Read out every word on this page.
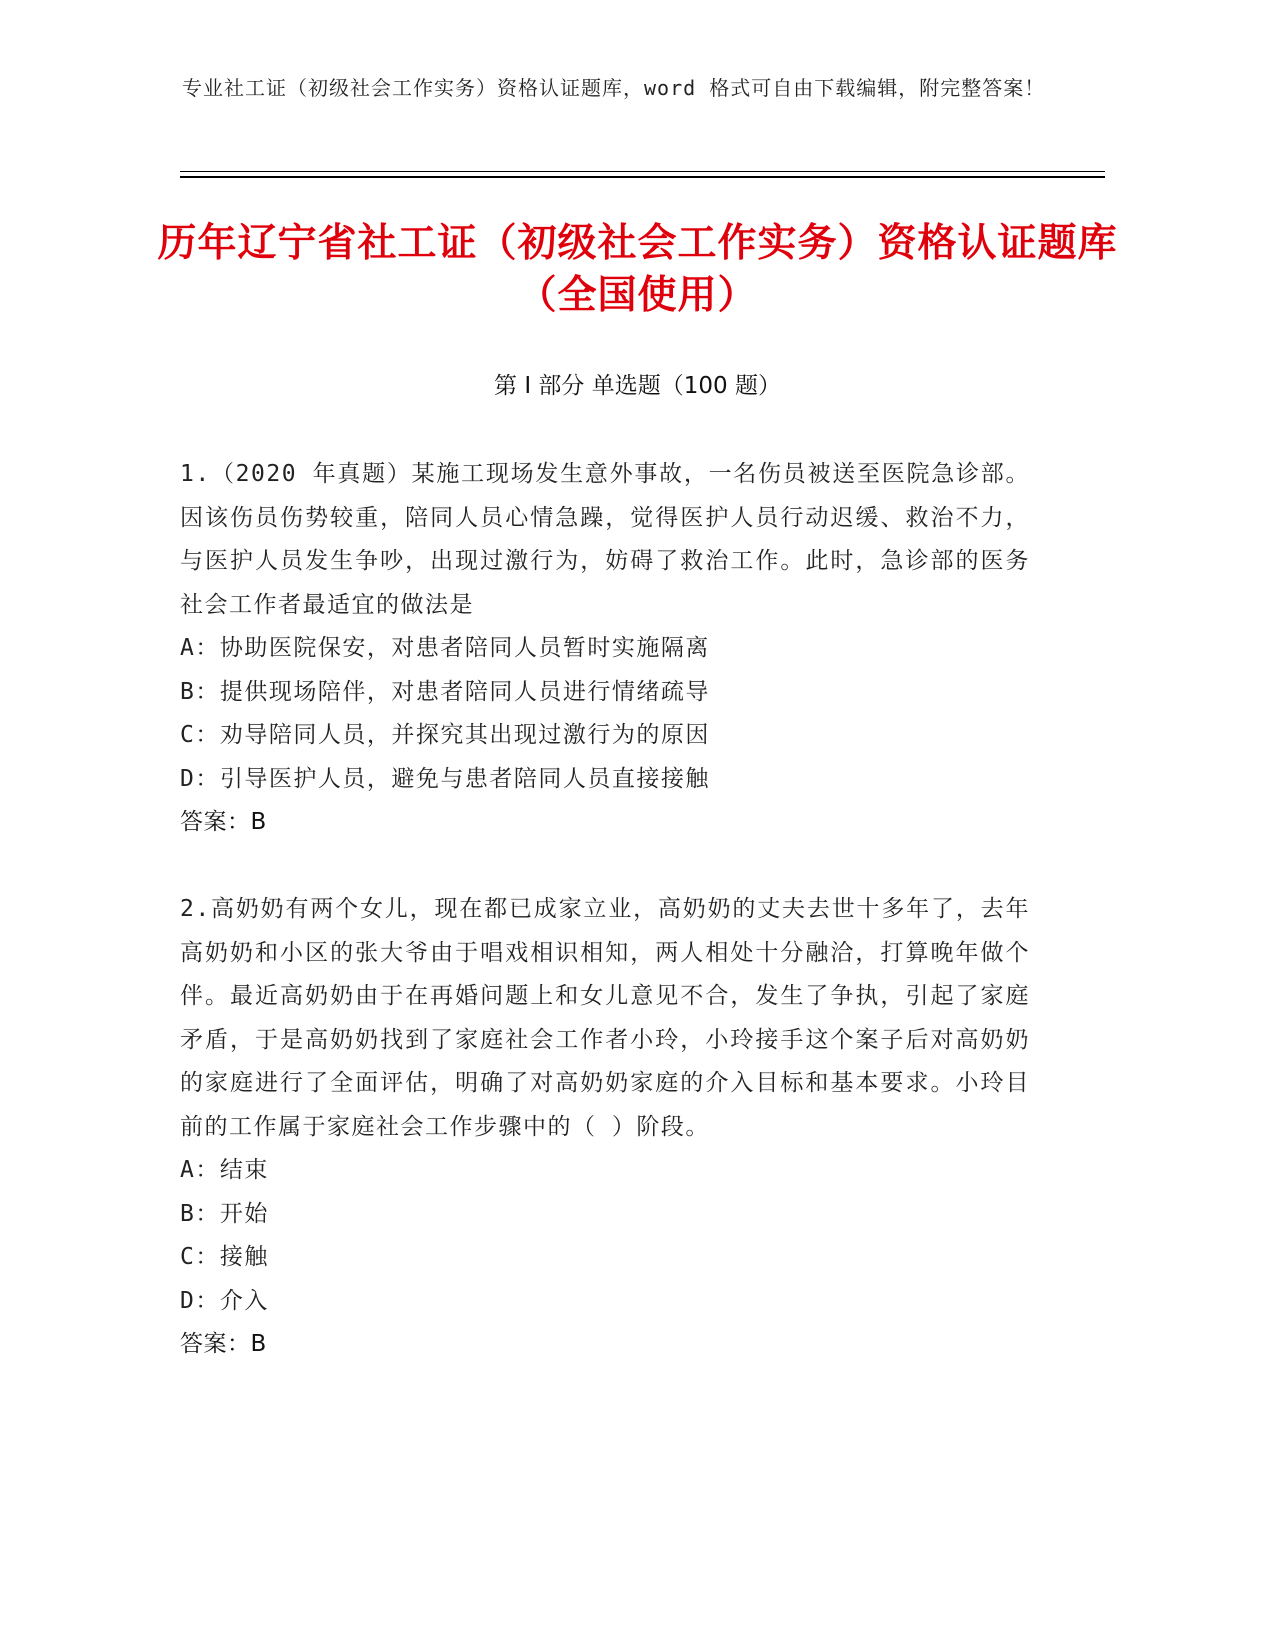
专业社工证（初级社会工作实务）资格认证题库，word 格式可自由下载编辑，附完整答案！
历年辽宁省社工证（初级社会工作实务）资格认证题库（全国使用）
第 I 部分 单选题（100 题）
1.（2020 年真题）某施工现场发生意外事故，一名伤员被送至医院急诊部。因该伤员伤势较重，陪同人员心情急躁，觉得医护人员行动迟缓、救治不力，与医护人员发生争吵，出现过激行为，妨碍了救治工作。此时，急诊部的医务社会工作者最适宜的做法是
A：协助医院保安，对患者陪同人员暂时实施隔离
B：提供现场陪伴，对患者陪同人员进行情绪疏导
C：劝导陪同人员，并探究其出现过激行为的原因
D：引导医护人员，避免与患者陪同人员直接接触
答案：B
2.高奶奶有两个女儿，现在都已成家立业，高奶奶的丈夫去世十多年了，去年高奶奶和小区的张大爷由于唱戏相识相知，两人相处十分融洽，打算晚年做个伴。最近高奶奶由于在再婚问题上和女儿意见不合，发生了争执，引起了家庭矛盾，于是高奶奶找到了家庭社会工作者小玲，小玲接手这个案子后对高奶奶的家庭进行了全面评估，明确了对高奶奶家庭的介入目标和基本要求。小玲目前的工作属于家庭社会工作步骤中的（ ）阶段。
A：结束
B：开始
C：接触
D：介入
答案：B
